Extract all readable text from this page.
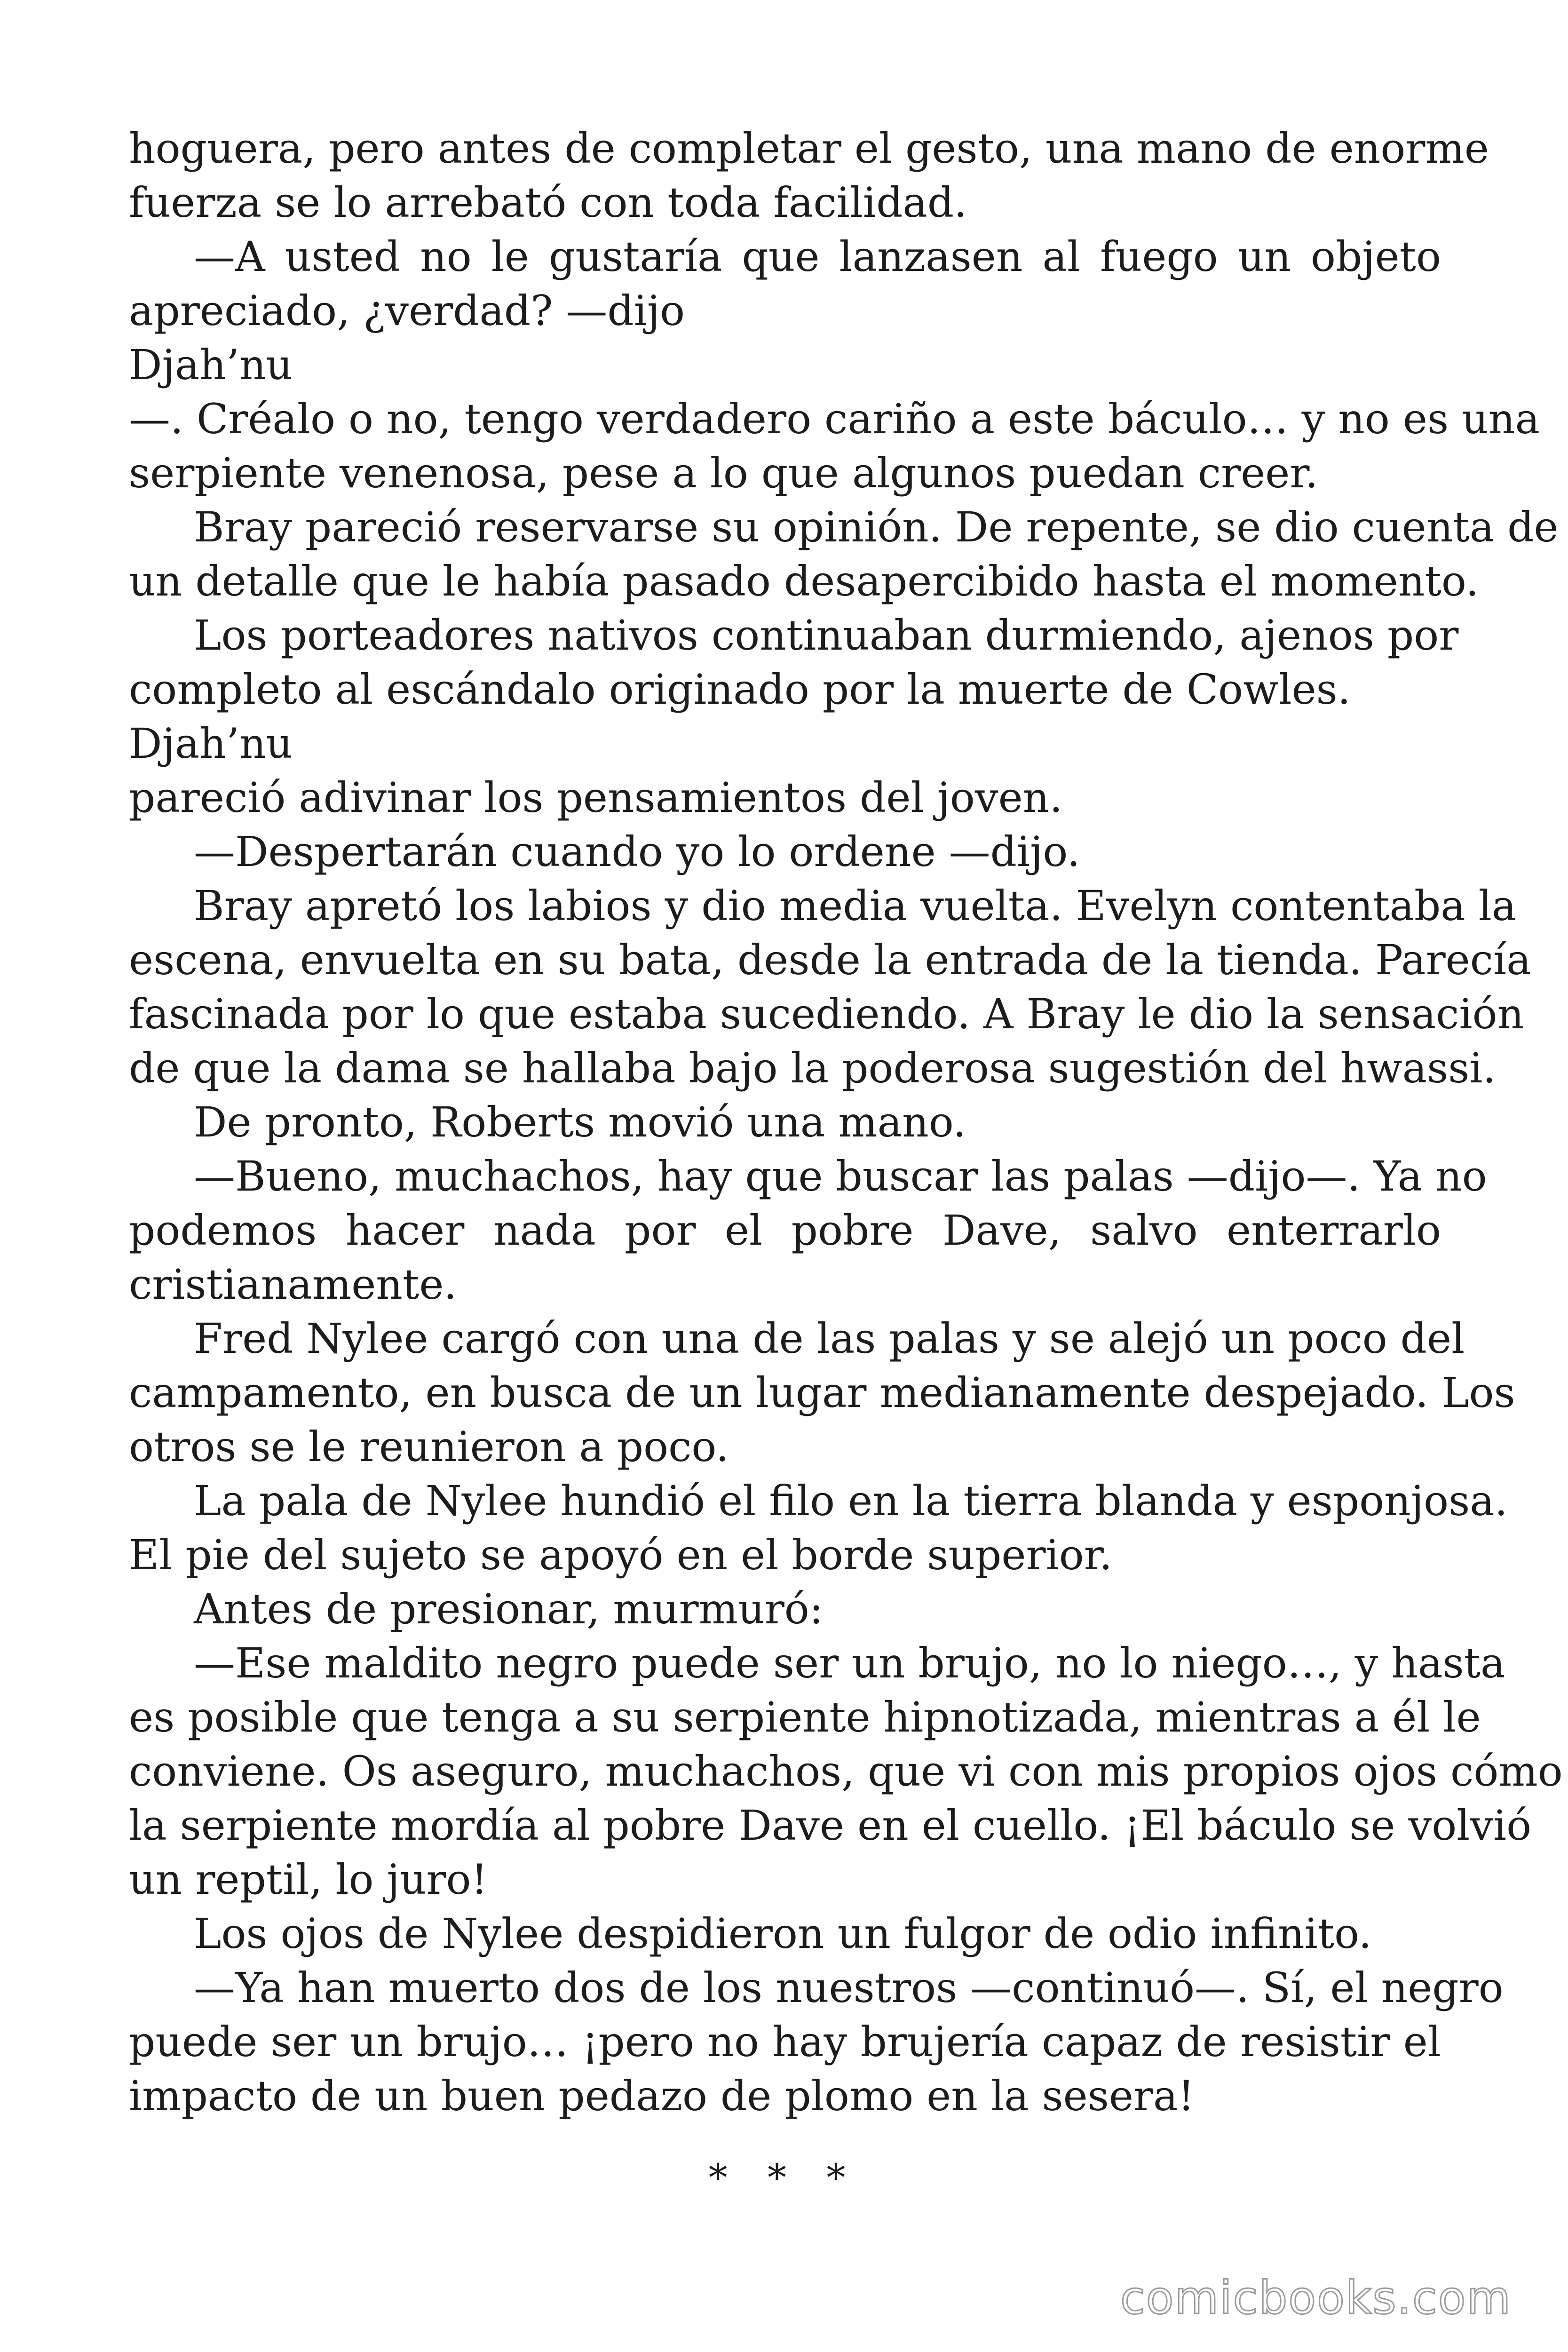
hoguera, pero antes de completar el gesto, una mano de enorme
fuerza se lo arrebató con toda facilidad.
—A usted no le gustaría que lanzasen al fuego un objeto
apreciado, ¿verdad? —dijo
Djah’nu
—. Créalo o no, tengo verdadero cariño a este báculo… y no es una
serpiente venenosa, pese a lo que algunos puedan creer.
Bray pareció reservarse su opinión. De repente, se dio cuenta de
un detalle que le había pasado desapercibido hasta el momento.
Los porteadores nativos continuaban durmiendo, ajenos por
completo al escándalo originado por la muerte de Cowles.
Djah’nu
pareció adivinar los pensamientos del joven.
—Despertarán cuando yo lo ordene —dijo.
Bray apretó los labios y dio media vuelta. Evelyn contentaba la
escena, envuelta en su bata, desde la entrada de la tienda. Parecía
fascinada por lo que estaba sucediendo. A Bray le dio la sensación
de que la dama se hallaba bajo la poderosa sugestión del hwassi.
De pronto, Roberts movió una mano.
—Bueno, muchachos, hay que buscar las palas —dijo—. Ya no
podemos hacer nada por el pobre Dave, salvo enterrarlo
cristianamente.
Fred Nylee cargó con una de las palas y se alejó un poco del
campamento, en busca de un lugar medianamente despejado. Los
otros se le reunieron a poco.
La pala de Nylee hundió el filo en la tierra blanda y esponjosa.
El pie del sujeto se apoyó en el borde superior.
Antes de presionar, murmuró:
—Ese maldito negro puede ser un brujo, no lo niego…, y hasta
es posible que tenga a su serpiente hipnotizada, mientras a él le
conviene. Os aseguro, muchachos, que vi con mis propios ojos cómo
la serpiente mordía al pobre Dave en el cuello. ¡El báculo se volvió
un reptil, lo juro!
Los ojos de Nylee despidieron un fulgor de odio infinito.
—Ya han muerto dos de los nuestros —continuó—. Sí, el negro
puede ser un brujo… ¡pero no hay brujería capaz de resistir el
impacto de un buen pedazo de plomo en la sesera!
* * *
comicbooks.com
